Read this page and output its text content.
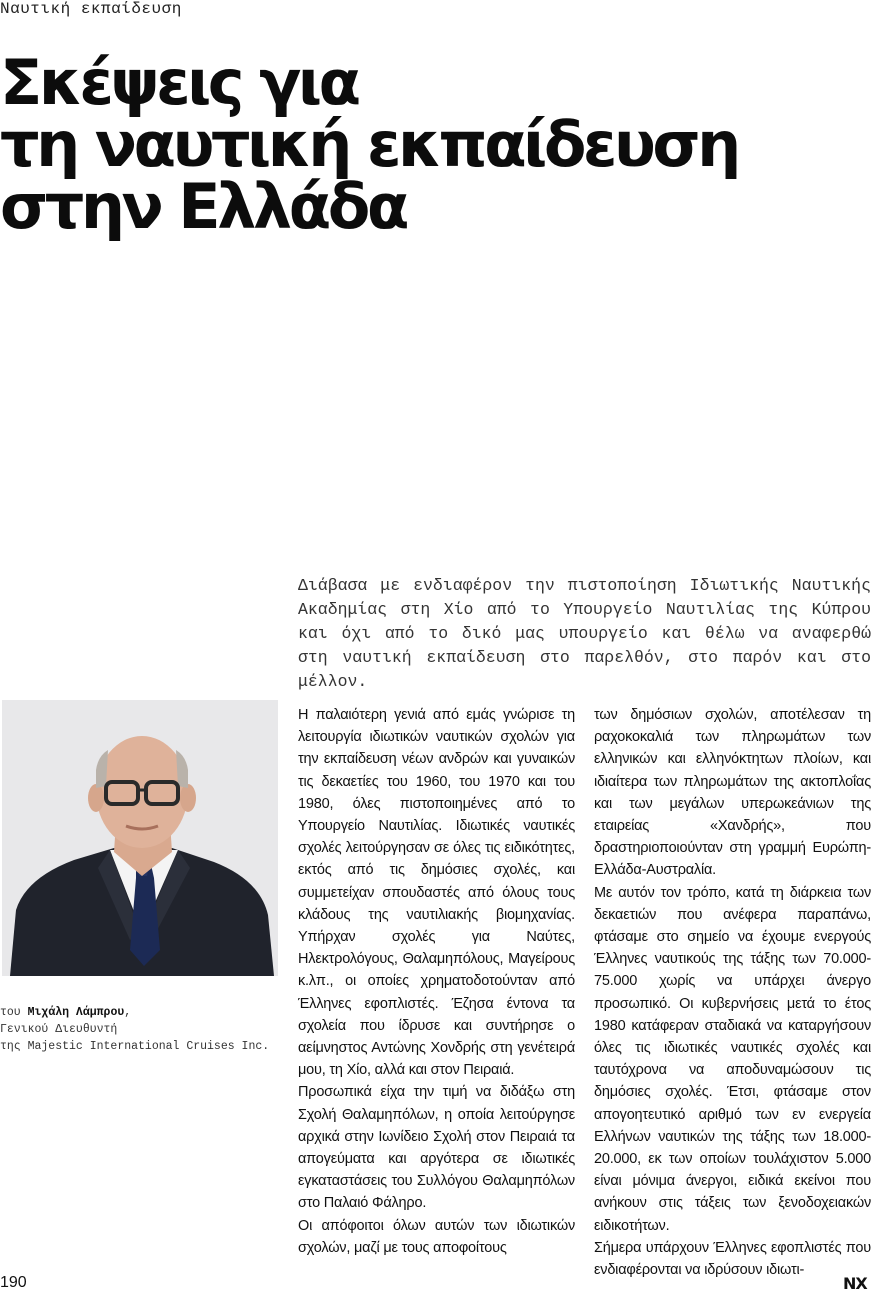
Ναυτική εκπαίδευση
Σκέψεις για
τη ναυτική εκπαίδευση
στην Ελλάδα

Διάβασα με ενδιαφέρον την πιστοποίηση Ιδιωτικής Ναυτικής Ακαδημίας στη Χίο από το Υπουργείο Ναυτιλίας της Κύπρου και όχι από το δικό μας υπουργείο και θέλω να αναφερθώ στη ναυτική εκπαίδευση στο παρελθόν, στο παρόν και στο μέλλον.

του Μιχάλη Λάμπρου,
Γενικού Διευθυντή
της Majestic International Cruises Inc.

Η παλαιότερη γενιά από εμάς γνώρισε τη λειτουργία ιδιωτικών ναυτικών σχολών για την εκπαίδευση νέων ανδρών και γυναικών τις δεκαετίες του 1960, του 1970 και του 1980, όλες πιστοποιημένες από το Υπουργείο Ναυτιλίας. Ιδιωτικές ναυτικές σχολές λειτούργησαν σε όλες τις ειδικότητες, εκτός από τις δημόσιες σχολές, και συμμετείχαν σπουδαστές από όλους τους κλάδους της ναυτιλιακής βιομηχανίας. Υπήρχαν σχολές για Ναύτες, Ηλεκτρολόγους, Θαλαμηπόλους, Μαγείρους κ.λπ., οι οποίες χρηματοδοτούνταν από Έλληνες εφοπλιστές. Έζησα έντονα τα σχολεία που ίδρυσε και συντήρησε ο αείμνηστος Αντώνης Χονδρής στη γενέτειρά μου, τη Χίο, αλλά και στον Πειραιά.

Προσωπικά είχα την τιμή να διδάξω στη Σχολή Θαλαμηπόλων, η οποία λειτούργησε αρχικά στην Ιωνίδειο Σχολή στον Πειραιά τα απογεύματα και αργότερα σε ιδιωτικές εγκαταστάσεις του Συλλόγου Θαλαμηπόλων στο Παλαιό Φάληρο.

Οι απόφοιτοι όλων αυτών των ιδιωτικών σχολών, μαζί με τους αποφοίτους

των δημόσιων σχολών, αποτέλεσαν τη ραχοκοκαλιά των πληρωμάτων των ελληνικών και ελληνόκτητων πλοίων, και ιδιαίτερα των πληρωμάτων της ακτοπλοΐας και των μεγάλων υπερωκεάνιων της εταιρείας «Χανδρής», που δραστηριοποιούνταν στη γραμμή Ευρώπη-Ελλάδα-Αυστραλία.

Με αυτόν τον τρόπο, κατά τη διάρκεια των δεκαετιών που ανέφερα παραπάνω, φτάσαμε στο σημείο να έχουμε ενεργούς Έλληνες ναυτικούς της τάξης των 70.000-75.000 χωρίς να υπάρχει άνεργο προσωπικό. Οι κυβερνήσεις μετά το έτος 1980 κατάφεραν σταδιακά να καταργήσουν όλες τις ιδιωτικές ναυτικές σχολές και ταυτόχρονα να αποδυναμώσουν τις δημόσιες σχολές. Έτσι, φτάσαμε στον απογοητευτικό αριθμό των εν ενεργεία Ελλήνων ναυτικών της τάξης των 18.000-20.000, εκ των οποίων τουλάχιστον 5.000 είναι μόνιμα άνεργοι, ειδικά εκείνοι που ανήκουν στις τάξεις των ξενοδοχειακών ειδικοτήτων.

Σήμερα υπάρχουν Έλληνες εφοπλιστές που ενδιαφέρονται να ιδρύσουν ιδιωτι-

190	NX
